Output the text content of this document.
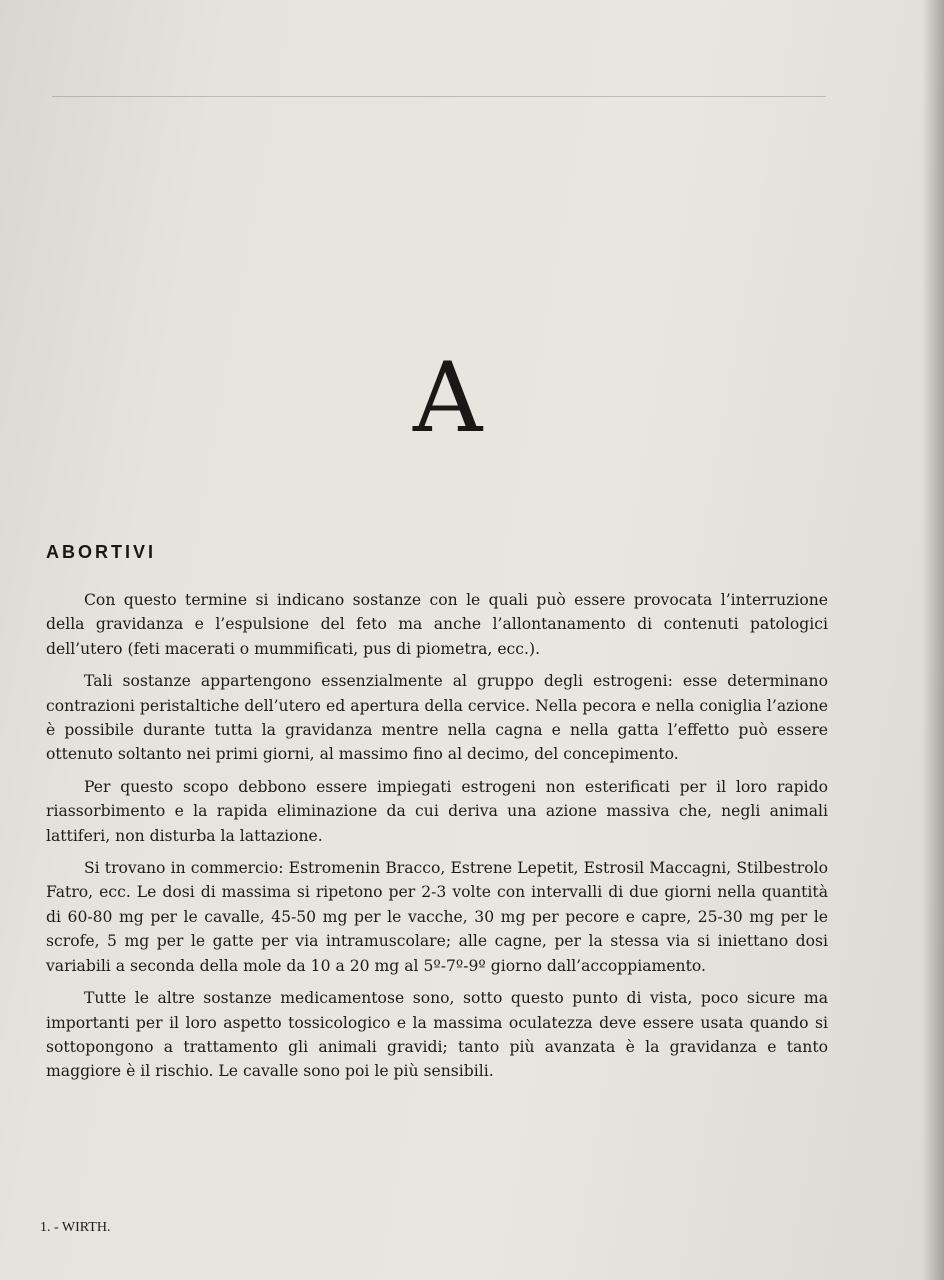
A
ABORTIVI

Con questo termine si indicano sostanze con le quali può essere provocata l’interruzione della gravidanza e l’espulsione del feto ma anche l’allontanamento di contenuti patologici dell’utero (feti macerati o mummificati, pus di piometra, ecc.).

Tali sostanze appartengono essenzialmente al gruppo degli estrogeni: esse determinano contrazioni peristaltiche dell’utero ed apertura della cervice. Nella pecora e nella coniglia l’azione è possibile durante tutta la gravidanza mentre nella cagna e nella gatta l’effetto può essere ottenuto soltanto nei primi giorni, al massimo fino al decimo, del concepimento.

Per questo scopo debbono essere impiegati estrogeni non esterificati per il loro rapido riassorbimento e la rapida eliminazione da cui deriva una azione massiva che, negli animali lattiferi, non disturba la lattazione.

Si trovano in commercio: Estromenin Bracco, Estrene Lepetit, Estrosil Maccagni, Stilbestrolo Fatro, ecc. Le dosi di massima si ripetono per 2-3 volte con intervalli di due giorni nella quantità di 60-80 mg per le cavalle, 45-50 mg per le vacche, 30 mg per pecore e capre, 25-30 mg per le scrofe, 5 mg per le gatte per via intramuscolare; alle cagne, per la stessa via si iniettano dosi variabili a seconda della mole da 10 a 20 mg al 5º-7º-9º giorno dall’accoppiamento.

Tutte le altre sostanze medicamentose sono, sotto questo punto di vista, poco sicure ma importanti per il loro aspetto tossicologico e la massima oculatezza deve essere usata quando si sottopongono a trattamento gli animali gravidi; tanto più avanzata è la gravidanza e tanto maggiore è il rischio. Le cavalle sono poi le più sensibili.

1. - WIRTH.
